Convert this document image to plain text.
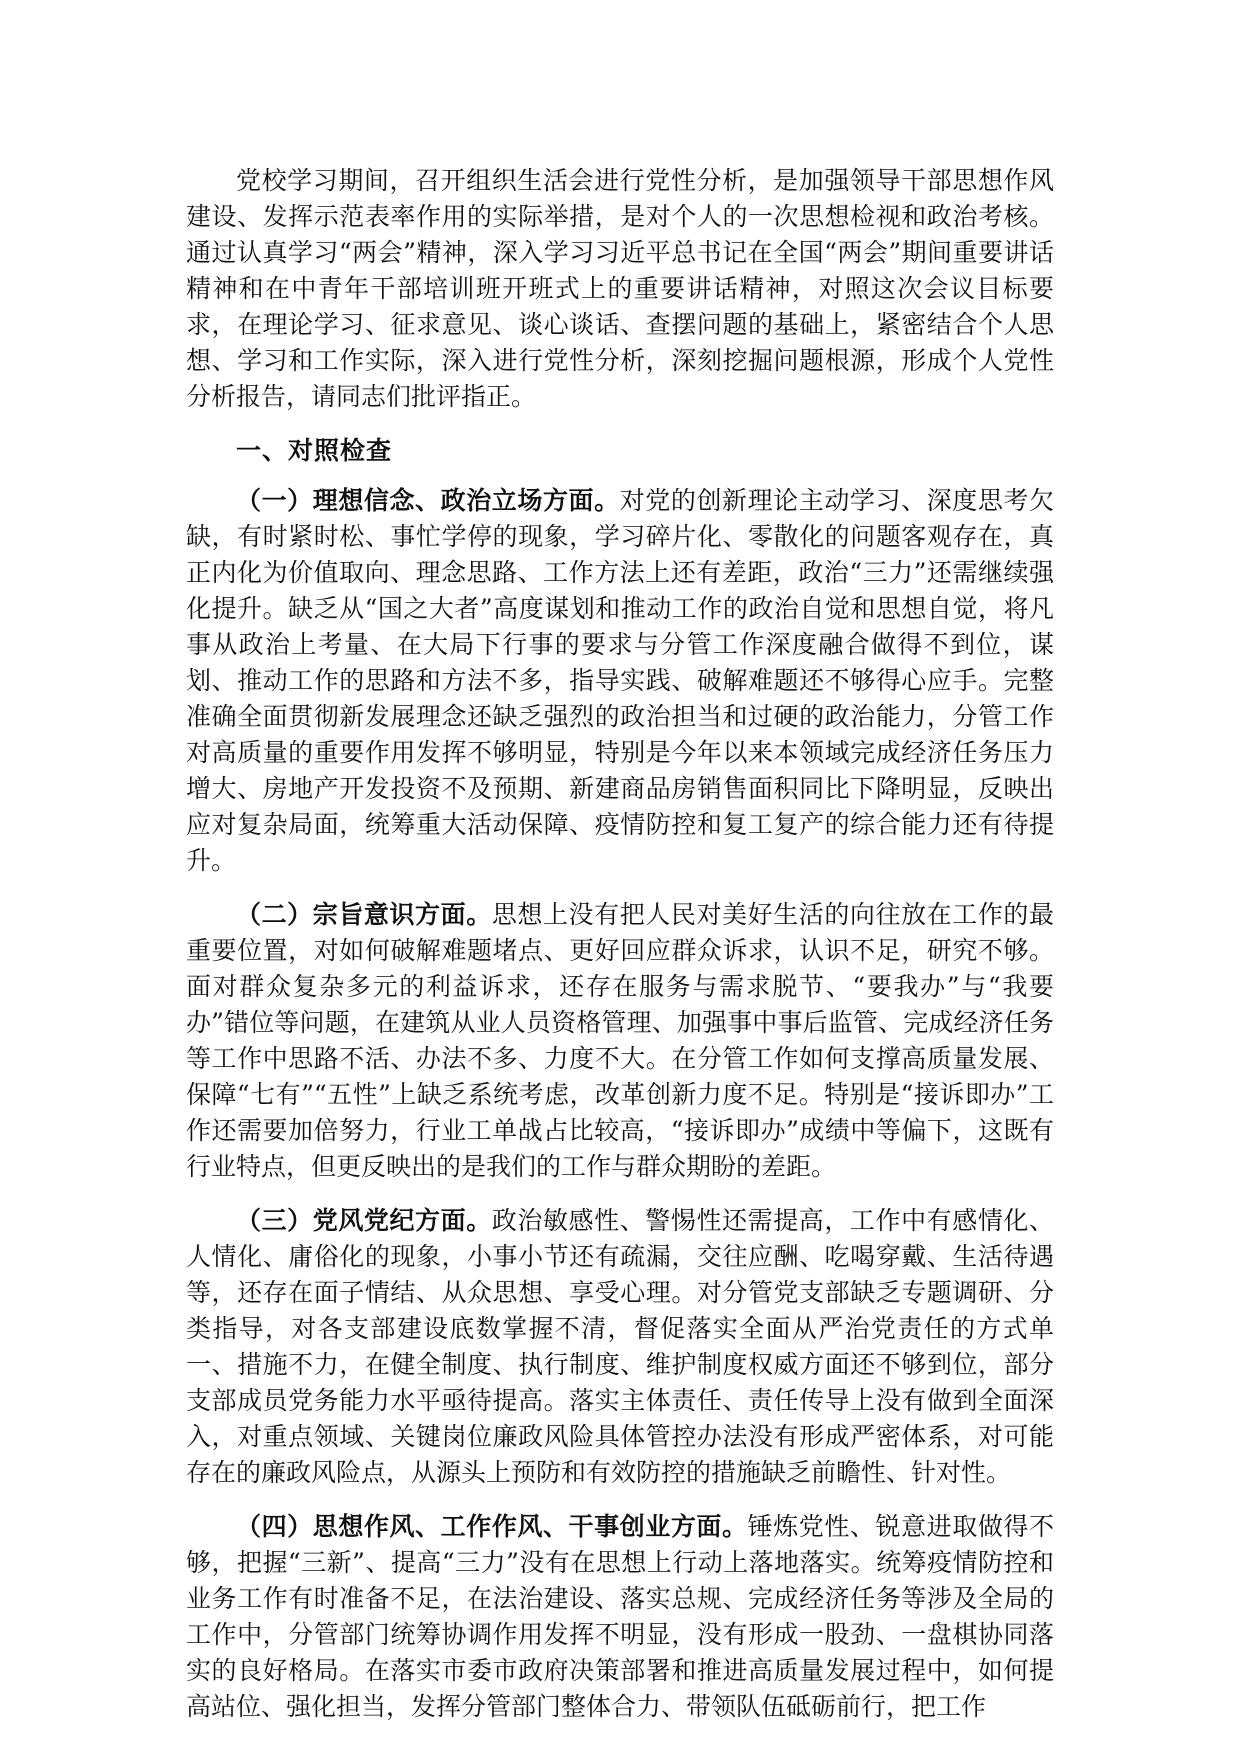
党校学习期间，召开组织生活会进行党性分析，是加强领导干部思想作风建设、发挥示范表率作用的实际举措，是对个人的一次思想检视和政治考核。通过认真学习“两会”精神，深入学习习近平总书记在全国“两会”期间重要讲话精神和在中青年干部培训班开班式上的重要讲话精神，对照这次会议目标要求，在理论学习、征求意见、谈心谈话、查摆问题的基础上，紧密结合个人思想、学习和工作实际，深入进行党性分析，深刻挖掘问题根源，形成个人党性分析报告，请同志们批评指正。

一、对照检查

（一）理想信念、政治立场方面。对党的创新理论主动学习、深度思考欠缺，有时紧时松、事忙学停的现象，学习碎片化、零散化的问题客观存在，真正内化为价值取向、理念思路、工作方法上还有差距，政治“三力”还需继续强化提升。缺乏从“国之大者”高度谋划和推动工作的政治自觉和思想自觉，将凡事从政治上考量、在大局下行事的要求与分管工作深度融合做得不到位，谋划、推动工作的思路和方法不多，指导实践、破解难题还不够得心应手。完整准确全面贯彻新发展理念还缺乏强烈的政治担当和过硬的政治能力，分管工作对高质量的重要作用发挥不够明显，特别是今年以来本领域完成经济任务压力增大、房地产开发投资不及预期、新建商品房销售面积同比下降明显，反映出应对复杂局面，统筹重大活动保障、疫情防控和复工复产的综合能力还有待提升。

（二）宗旨意识方面。思想上没有把人民对美好生活的向往放在工作的最重要位置，对如何破解难题堵点、更好回应群众诉求，认识不足，研究不够。面对群众复杂多元的利益诉求，还存在服务与需求脱节、“要我办”与“我要办”错位等问题，在建筑从业人员资格管理、加强事中事后监管、完成经济任务等工作中思路不活、办法不多、力度不大。在分管工作如何支撑高质量发展、保障“七有”“五性”上缺乏系统考虑，改革创新力度不足。特别是“接诉即办”工作还需要加倍努力，行业工单战占比较高，“接诉即办”成绩中等偏下，这既有行业特点，但更反映出的是我们的工作与群众期盼的差距。

（三）党风党纪方面。政治敏感性、警惕性还需提高，工作中有感情化、人情化、庸俗化的现象，小事小节还有疏漏，交往应酬、吃喝穿戴、生活待遇等，还存在面子情结、从众思想、享受心理。对分管党支部缺乏专题调研、分类指导，对各支部建设底数掌握不清，督促落实全面从严治党责任的方式单一、措施不力，在健全制度、执行制度、维护制度权威方面还不够到位，部分支部成员党务能力水平亟待提高。落实主体责任、责任传导上没有做到全面深入，对重点领域、关键岗位廉政风险具体管控办法没有形成严密体系，对可能存在的廉政风险点，从源头上预防和有效防控的措施缺乏前瞻性、针对性。

（四）思想作风、工作作风、干事创业方面。锤炼党性、锐意进取做得不够，把握“三新”、提高“三力”没有在思想上行动上落地落实。统筹疫情防控和业务工作有时准备不足，在法治建设、落实总规、完成经济任务等涉及全局的工作中，分管部门统筹协调作用发挥不明显，没有形成一股劲、一盘棋协同落实的良好格局。在落实市委市政府决策部署和推进高质量发展过程中，如何提高站位、强化担当，发挥分管部门整体合力、带领队伍砥砺前行，把工作
